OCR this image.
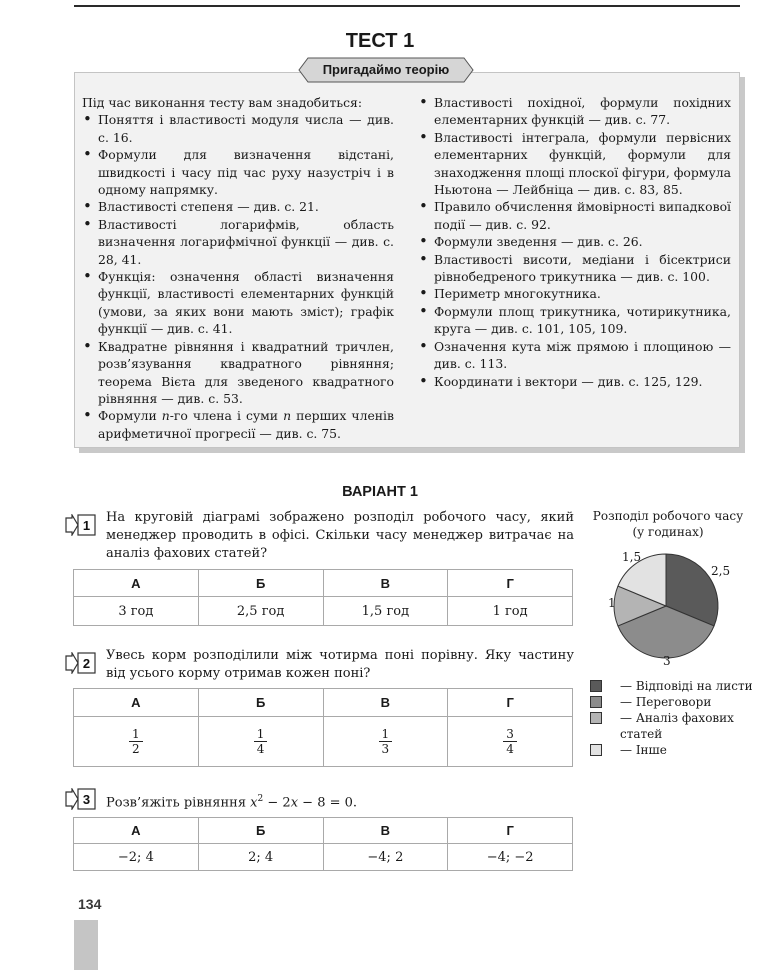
ТЕСТ 1
Пригадаймо теорію

Під час виконання тесту вам знадобиться:

• Поняття і властивості модуля числа — див. с. 16.
• Формули для визначення відстані, швидкості і часу під час руху назустріч і в одному напрямку.
• Властивості степеня — див. с. 21.
• Властивості логарифмів, область визначення логарифмічної функції — див. с. 28, 41.
• Функція: означення області визначення функції, властивості елементарних функцій (умови, за яких вони мають зміст); графік функції — див. с. 41.
• Квадратне рівняння і квадратний тричлен, розв’язування квадратного рівняння; теорема Вієта для зведеного квадратного рівняння — див. с. 53.
• Формули n-го члена і суми n перших членів арифметичної прогресії — див. с. 75.
• Властивості похідної, формули похідних елементарних функцій — див. с. 77.
• Властивості інтеграла, формули первісних елементарних функцій, формули для знаходження площі плоскої фігури, формула Ньютона — Лейбніца — див. с. 83, 85.
• Правило обчислення ймовірності випадкової події — див. с. 92.
• Формули зведення — див. с. 26.
• Властивості висоти, медіани і бісектриси рівнобедреного трикутника — див. с. 100.
• Периметр многокутника.
• Формули площ трикутника, чотирикутника, круга — див. с. 101, 105, 109.
• Означення кута між прямою і площиною — див. с. 113.
• Координати і вектори — див. с. 125, 129.
ВАРІАНТ 1
1
На круговій діаграмі зображено розподіл робочого часу, який менеджер проводить в офісі. Скільки часу менеджер витрачає на аналіз фахових статей?
А	Б	В	Г
3 год	2,5 год	1,5 год	1 год
2
Увесь корм розподілили між чотирма поні порівну. Яку частину від усього корму отримав кожен поні?
А	Б	В	Г

$\frac{1}{2}$	$\frac{1}{4}$	$\frac{1}{3}$	$\frac{3}{4}$
3 Розв’яжіть рівняння $x^2 - 2x - 8 = 0$.
А	Б	В	Г
−2; 4	2; 4	−4; 2	−4; −2
Розподіл робочого часу (у годинах)
2,5
3
1
1,5
— Відповіді на листи
— Переговори
— Аналіз фахових статей
— Інше
134
